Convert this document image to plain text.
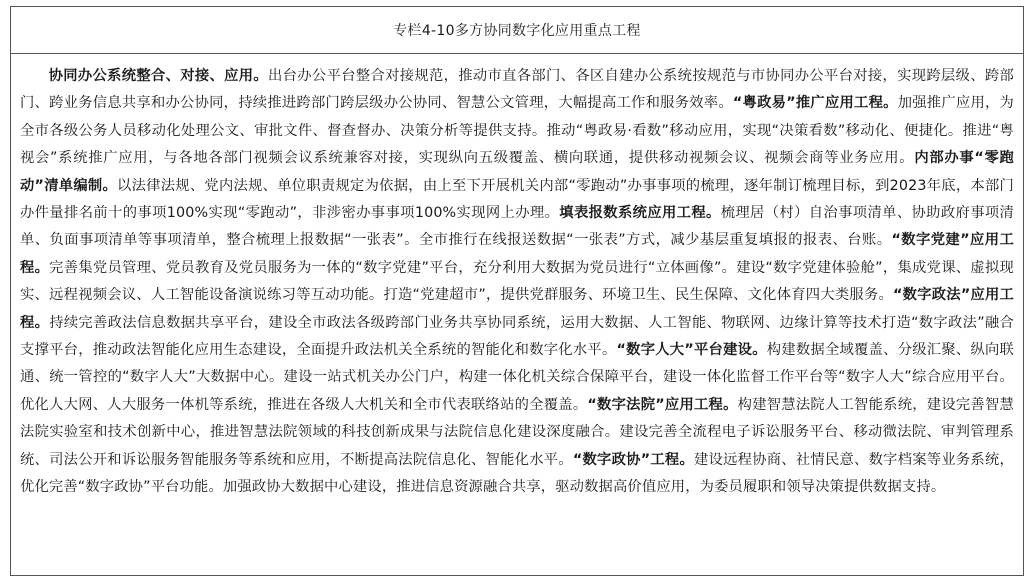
专栏4-10多方协同数字化应用重点工程
协同办公系统整合、对接、应用。出台办公平台整合对接规范，推动市直各部门、各区自建办公系统按规范与市协同办公平台对接，实现跨层级、跨部门、跨业务信息共享和办公协同，持续推进跨部门跨层级办公协同、智慧公文管理，大幅提高工作和服务效率。“粤政易”推广应用工程。加强推广应用，为全市各级公务人员移动化处理公文、审批文件、督查督办、决策分析等提供支持。推动“粤政易·看数”移动应用，实现“决策看数”移动化、便捷化。推进“粤视会”系统推广应用，与各地各部门视频会议系统兼容对接，实现纵向五级覆盖、横向联通，提供移动视频会议、视频会商等业务应用。内部办事“零跑动”清单编制。以法律法规、党内法规、单位职责规定为依据，由上至下开展机关内部“零跑动”办事事项的梳理，逐年制订梳理目标，到2023年底，本部门办件量排名前十的事项100%实现“零跑动”，非涉密办事事项100%实现网上办理。填表报数系统应用工程。梳理居（村）自治事项清单、协助政府事项清单、负面事项清单等事项清单，整合梳理上报数据“一张表”。全市推行在线报送数据“一张表”方式，减少基层重复填报的报表、台账。“数字党建”应用工程。完善集党员管理、党员教育及党员服务为一体的“数字党建”平台，充分利用大数据为党员进行“立体画像”。建设“数字党建体验舱”，集成党课、虚拟现实、远程视频会议、人工智能设备演说练习等互动功能。打造“党建超市”，提供党群服务、环境卫生、民生保障、文化体育四大类服务。“数字政法”应用工程。持续完善政法信息数据共享平台，建设全市政法各级跨部门业务共享协同系统，运用大数据、人工智能、物联网、边缘计算等技术打造“数字政法”融合支撑平台，推动政法智能化应用生态建设，全面提升政法机关全系统的智能化和数字化水平。“数字人大”平台建设。构建数据全域覆盖、分级汇聚、纵向联通、统一管控的“数字人大”大数据中心。建设一站式机关办公门户，构建一体化机关综合保障平台，建设一体化监督工作平台等“数字人大”综合应用平台。优化人大网、人大服务一体机等系统，推进在各级人大机关和全市代表联络站的全覆盖。“数字法院”应用工程。构建智慧法院人工智能系统，建设完善智慧法院实验室和技术创新中心，推进智慧法院领域的科技创新成果与法院信息化建设深度融合。建设完善全流程电子诉讼服务平台、移动微法院、审判管理系统、司法公开和诉讼服务智能服务等系统和应用，不断提高法院信息化、智能化水平。“数字政协”工程。建设远程协商、社情民意、数字档案等业务系统，优化完善“数字政协”平台功能。加强政协大数据中心建设，推进信息资源融合共享，驱动数据高价值应用，为委员履职和领导决策提供数据支持。
